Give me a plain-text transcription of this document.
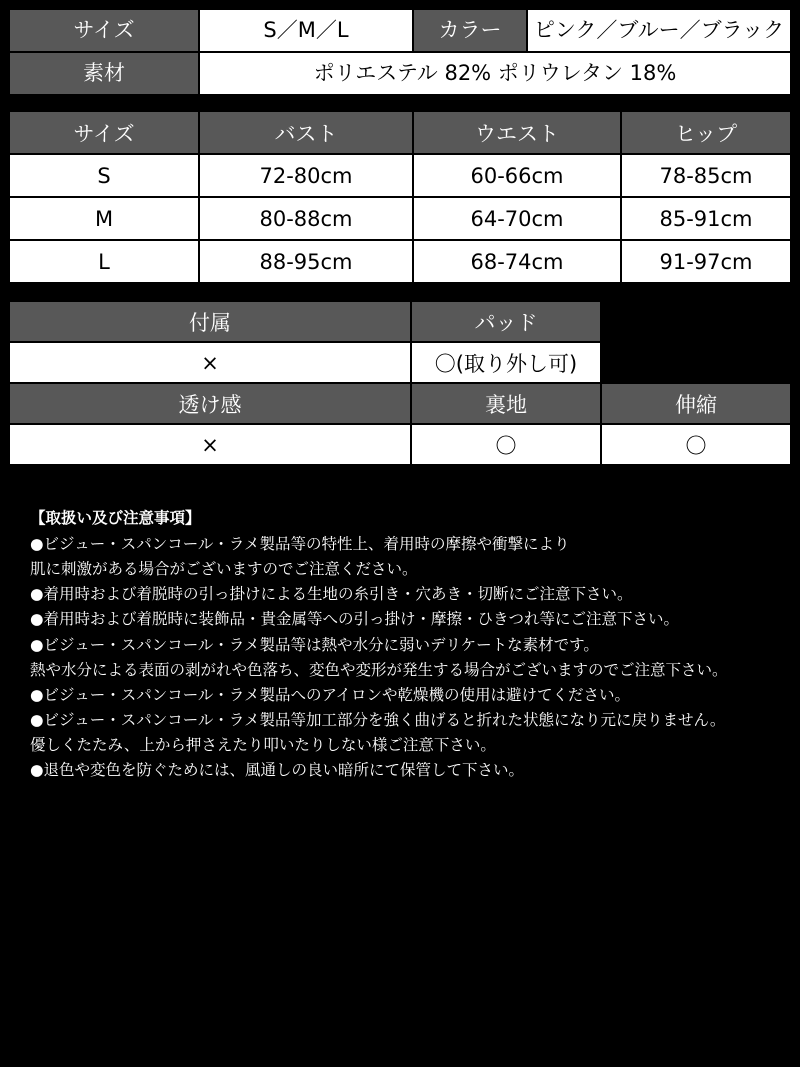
サイズ	S／M／L	カラー	ピンク／ブルー／ブラック
素材	ポリエステル 82% ポリウレタン 18%		
サイズ	バスト	ウエスト	ヒップ
S	72-80cm	60-66cm	78-85cm
M	80-88cm	64-70cm	85-91cm
L	88-95cm	68-74cm	91-97cm
付属	パッド	
×	〇(取り外し可)	
透け感	裏地	伸縮
×	〇	〇
【取扱い及び注意事項】
●ビジュー・スパンコール・ラメ製品等の特性上、着用時の摩擦や衝撃により
肌に刺激がある場合がございますのでご注意ください。
●着用時および着脱時の引っ掛けによる生地の糸引き・穴あき・切断にご注意下さい。
●着用時および着脱時に装飾品・貴金属等への引っ掛け・摩擦・ひきつれ等にご注意下さい。
●ビジュー・スパンコール・ラメ製品等は熱や水分に弱いデリケートな素材です。
熱や水分による表面の剥がれや色落ち、変色や変形が発生する場合がございますのでご注意下さい。
●ビジュー・スパンコール・ラメ製品へのアイロンや乾燥機の使用は避けてください。
●ビジュー・スパンコール・ラメ製品等加工部分を強く曲げると折れた状態になり元に戻りません。
優しくたたみ、上から押さえたり叩いたりしない様ご注意下さい。
●退色や変色を防ぐためには、風通しの良い暗所にて保管して下さい。
